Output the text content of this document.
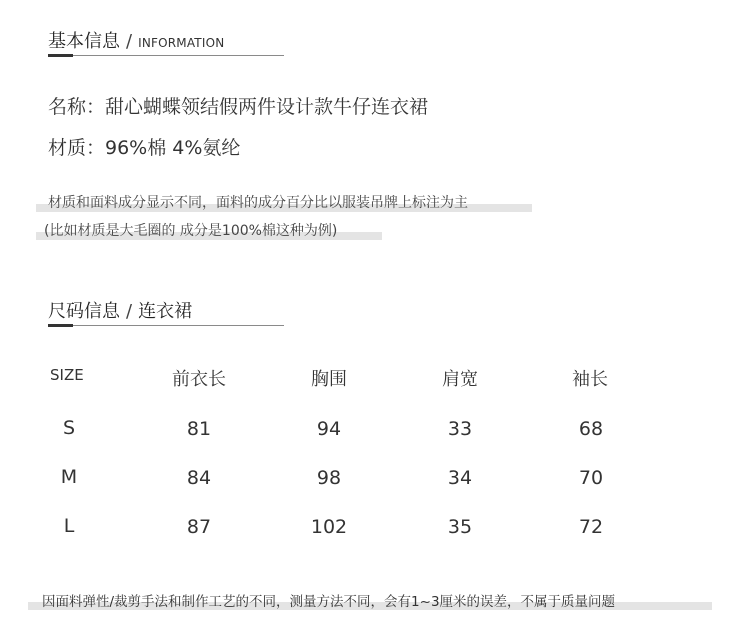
基本信息 / INFORMATION
名称：甜心蝴蝶领结假两件设计款牛仔连衣裙
材质：96%棉 4%氨纶
材质和面料成分显示不同，面料的成分百分比以服装吊牌上标注为主
(比如材质是大毛圈的 成分是100%棉这种为例)
尺码信息 / 连衣裙
SIZE	前衣长	胸围	肩宽	袖长
S	81	94	33	68
M	84	98	34	70
L	87	102	35	72
因面料弹性/裁剪手法和制作工艺的不同，测量方法不同，会有1~3厘米的误差，不属于质量问题
